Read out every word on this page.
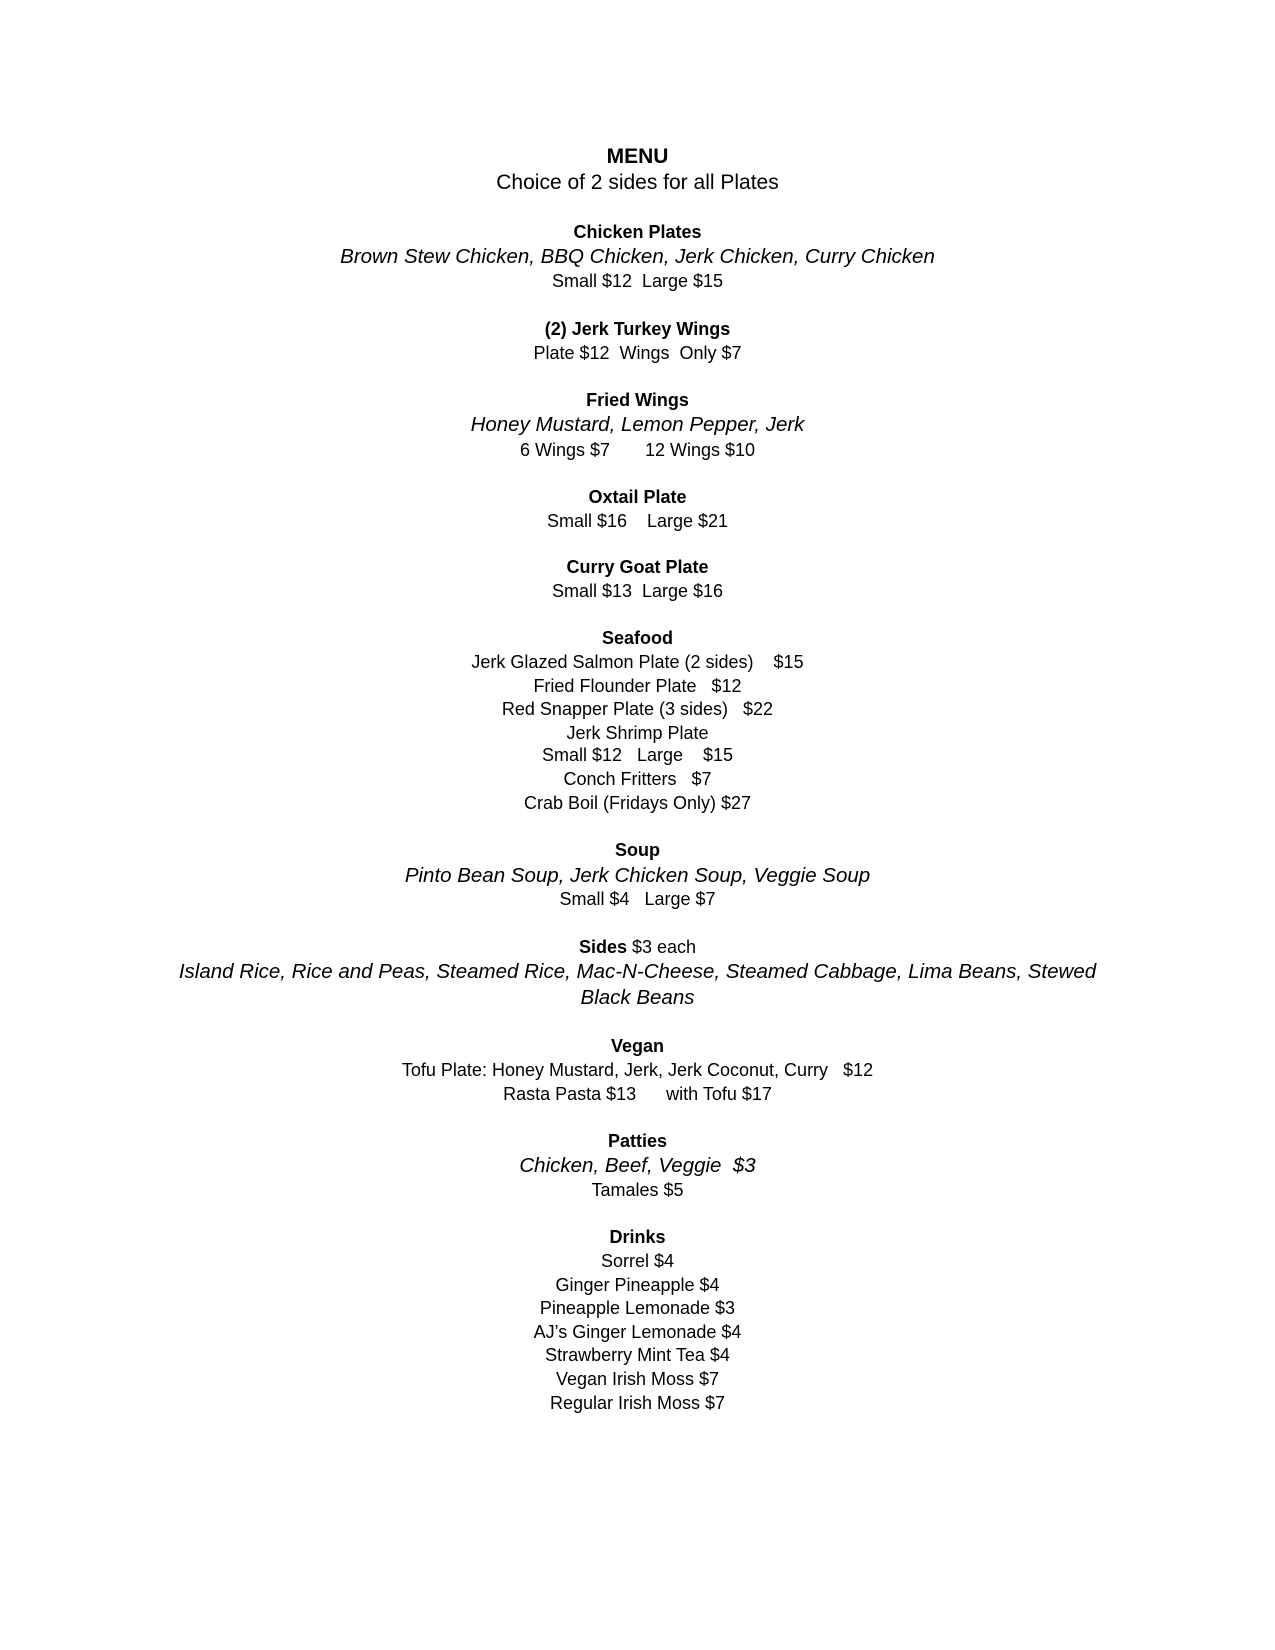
MENU
Choice of 2 sides for all Plates
Chicken Plates
Brown Stew Chicken, BBQ Chicken, Jerk Chicken, Curry Chicken
Small $12  Large $15
(2) Jerk Turkey Wings
Plate $12  Wings  Only $7
Fried Wings
Honey Mustard, Lemon Pepper, Jerk
6 Wings $7       12 Wings $10
Oxtail Plate
Small $16    Large $21
Curry Goat Plate
Small $13  Large $16
Seafood
Jerk Glazed Salmon Plate (2 sides)    $15
Fried Flounder Plate   $12
Red Snapper Plate (3 sides)   $22
Jerk Shrimp Plate
Small $12   Large    $15
Conch Fritters   $7
Crab Boil (Fridays Only) $27
Soup
Pinto Bean Soup, Jerk Chicken Soup, Veggie Soup
Small $4   Large $7
Sides $3 each
Island Rice, Rice and Peas, Steamed Rice, Mac-N-Cheese, Steamed Cabbage, Lima Beans, Stewed
Black Beans
Vegan
Tofu Plate: Honey Mustard, Jerk, Jerk Coconut, Curry   $12
Rasta Pasta $13      with Tofu $17
Patties
Chicken, Beef, Veggie  $3
Tamales $5
Drinks
Sorrel $4
Ginger Pineapple $4
Pineapple Lemonade $3
AJ’s Ginger Lemonade $4
Strawberry Mint Tea $4
Vegan Irish Moss $7
Regular Irish Moss $7
